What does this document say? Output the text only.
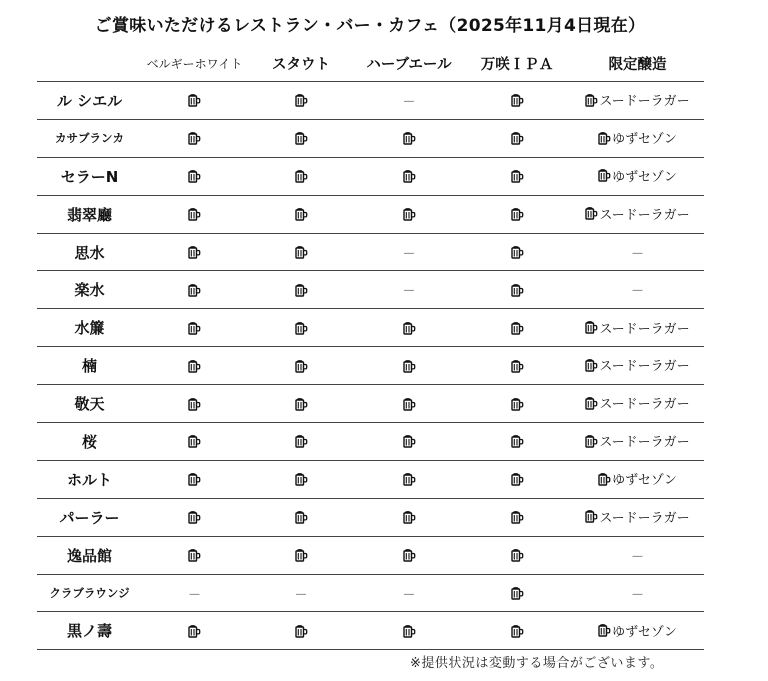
ご賞味いただけるレストラン・バー・カフェ（2025年11月4日現在）
	ベルギーホワイト	スタウト	ハーブエール	万咲ＩＰＡ	限定醸造
ル シエル			－		スードーラガー

カサブランカ					ゆずセゾン

セラーN					ゆずセゾン

翡翠廳					スードーラガー

思水			－		－
楽水			－		－
水簾					スードーラガー

楠					スードーラガー

敬天					スードーラガー

桜					スードーラガー

ホルト					ゆずセゾン

パーラー					スードーラガー

逸品館					－
クラブラウンジ	－	－	－		－
黒ノ壽					ゆずセゾン
※提供状況は変動する場合がございます。
